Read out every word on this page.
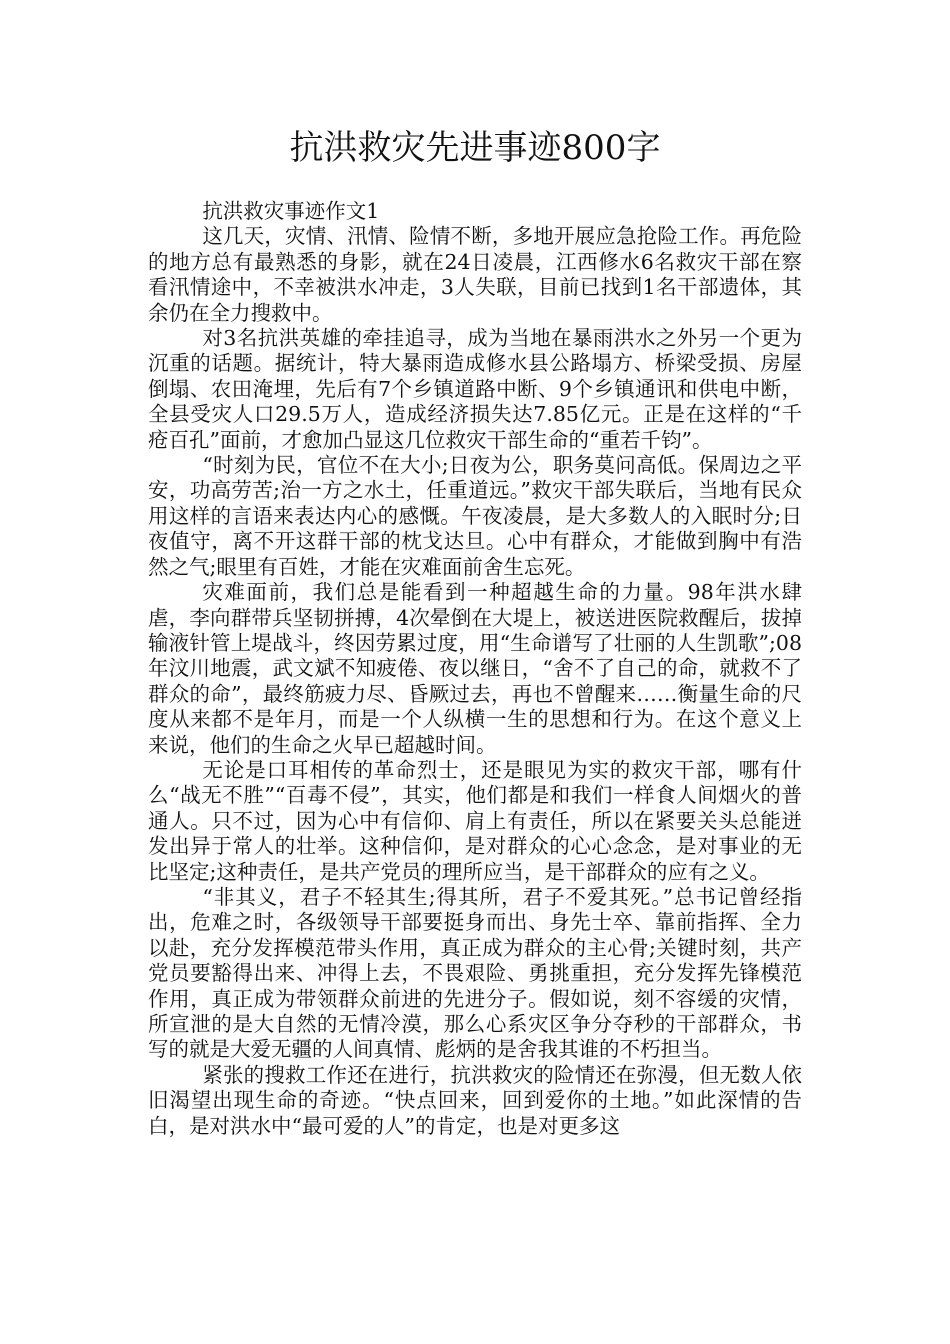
抗洪救灾先进事迹800字

抗洪救灾事迹作文1

这几天，灾情、汛情、险情不断，多地开展应急抢险工作。再危险的地方总有最熟悉的身影，就在24日凌晨，江西修水6名救灾干部在察看汛情途中，不幸被洪水冲走，3人失联，目前已找到1名干部遗体，其余仍在全力搜救中。

对3名抗洪英雄的牵挂追寻，成为当地在暴雨洪水之外另一个更为沉重的话题。据统计，特大暴雨造成修水县公路塌方、桥梁受损、房屋倒塌、农田淹埋，先后有7个乡镇道路中断、9个乡镇通讯和供电中断，全县受灾人口29.5万人，造成经济损失达7.85亿元。正是在这样的“千疮百孔”面前，才愈加凸显这几位救灾干部生命的“重若千钧”。

“时刻为民，官位不在大小;日夜为公，职务莫问高低。保周边之平安，功高劳苦;治一方之水土，任重道远。”救灾干部失联后，当地有民众用这样的言语来表达内心的感慨。午夜凌晨，是大多数人的入眠时分;日夜值守，离不开这群干部的枕戈达旦。心中有群众，才能做到胸中有浩然之气;眼里有百姓，才能在灾难面前舍生忘死。

灾难面前，我们总是能看到一种超越生命的力量。98年洪水肆虐，李向群带兵坚韧拼搏，4次晕倒在大堤上，被送进医院救醒后，拔掉输液针管上堤战斗，终因劳累过度，用“生命谱写了壮丽的人生凯歌”;08年汶川地震，武文斌不知疲倦、夜以继日，“舍不了自己的命，就救不了群众的命”，最终筋疲力尽、昏厥过去，再也不曾醒来……衡量生命的尺度从来都不是年月，而是一个人纵横一生的思想和行为。在这个意义上来说，他们的生命之火早已超越时间。

无论是口耳相传的革命烈士，还是眼见为实的救灾干部，哪有什么“战无不胜”“百毒不侵”，其实，他们都是和我们一样食人间烟火的普通人。只不过，因为心中有信仰、肩上有责任，所以在紧要关头总能迸发出异于常人的壮举。这种信仰，是对群众的心心念念，是对事业的无比坚定;这种责任，是共产党员的理所应当，是干部群众的应有之义。

“非其义，君子不轻其生;得其所，君子不爱其死。”总书记曾经指出，危难之时，各级领导干部要挺身而出、身先士卒、靠前指挥、全力以赴，充分发挥模范带头作用，真正成为群众的主心骨;关键时刻，共产党员要豁得出来、冲得上去，不畏艰险、勇挑重担，充分发挥先锋模范作用，真正成为带领群众前进的先进分子。假如说，刻不容缓的灾情，所宣泄的是大自然的无情冷漠，那么心系灾区争分夺秒的干部群众，书写的就是大爱无疆的人间真情、彪炳的是舍我其谁的不朽担当。

紧张的搜救工作还在进行，抗洪救灾的险情还在弥漫，但无数人依旧渴望出现生命的奇迹。“快点回来，回到爱你的土地。”如此深情的告白，是对洪水中“最可爱的人”的肯定，也是对更多这
